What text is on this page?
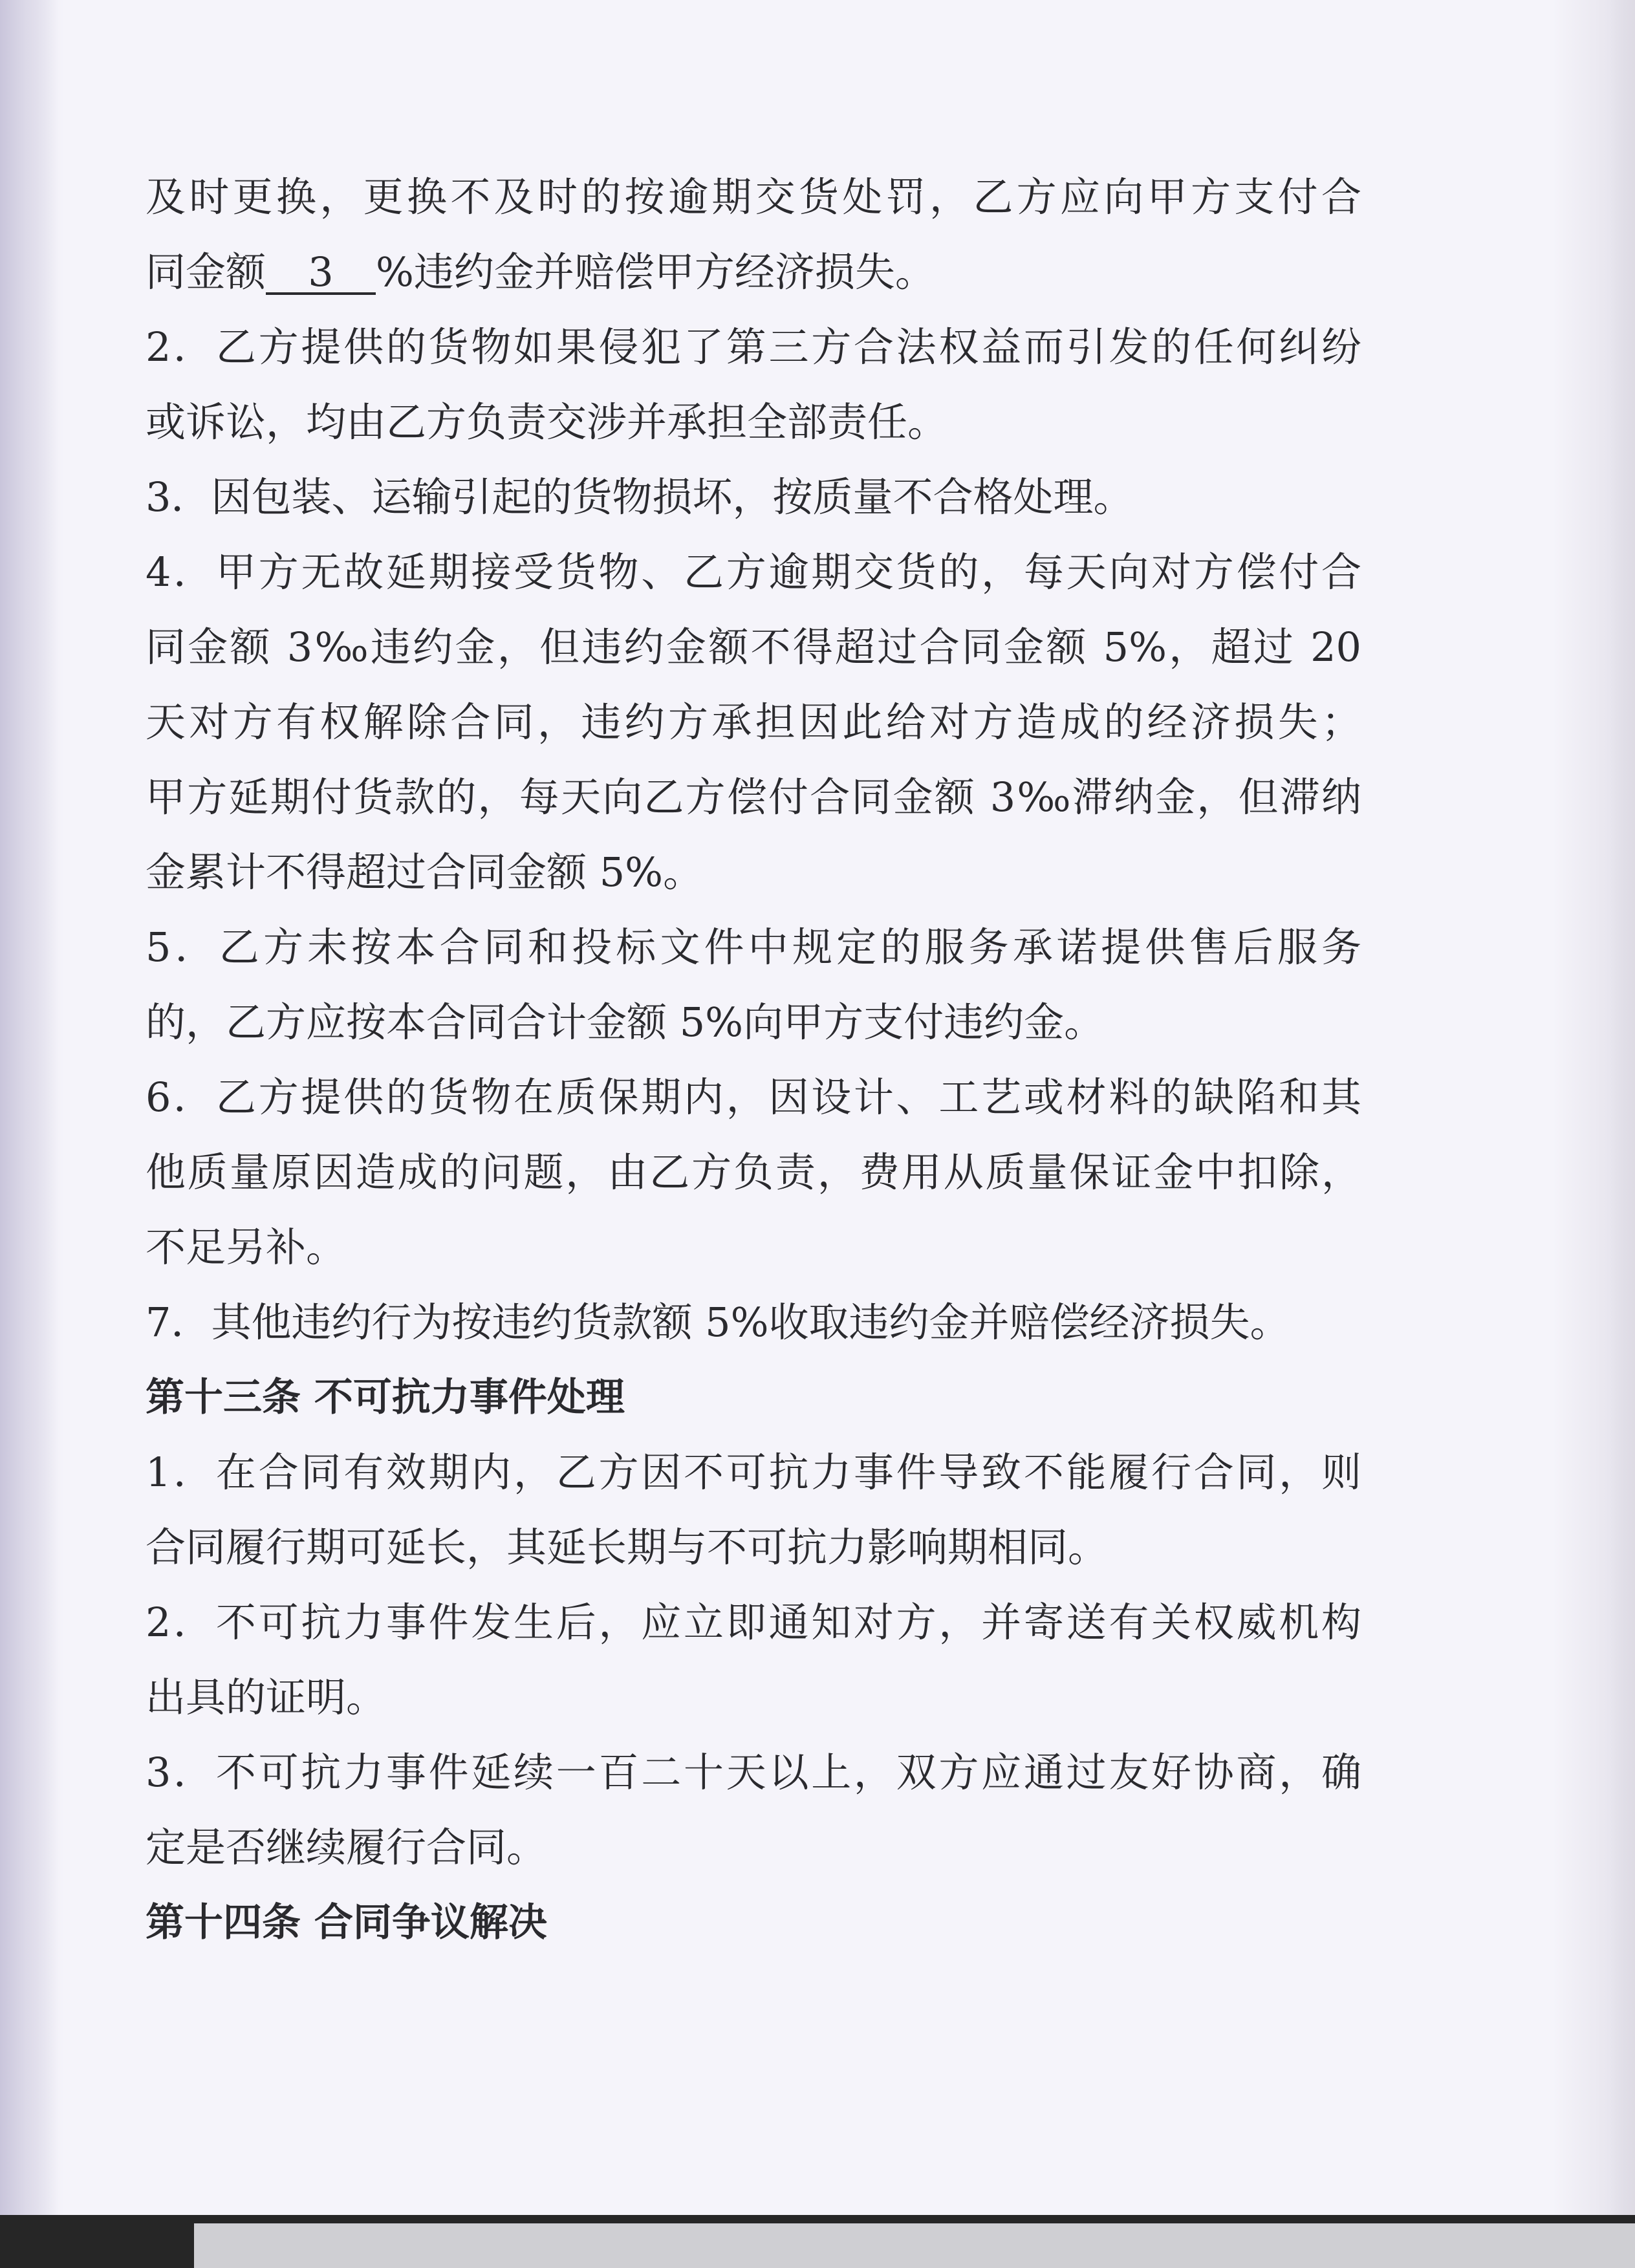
及时更换，更换不及时的按逾期交货处罚，乙方应向甲方支付合
同金额 3 %违约金并赔偿甲方经济损失。
2．乙方提供的货物如果侵犯了第三方合法权益而引发的任何纠纷
或诉讼，均由乙方负责交涉并承担全部责任。
3．因包装、运输引起的货物损坏，按质量不合格处理。
4．甲方无故延期接受货物、乙方逾期交货的，每天向对方偿付合
同金额 3‰违约金，但违约金额不得超过合同金额 5%，超过 20
天对方有权解除合同，违约方承担因此给对方造成的经济损失；
甲方延期付货款的，每天向乙方偿付合同金额 3‰滞纳金，但滞纳
金累计不得超过合同金额 5%。
5．乙方未按本合同和投标文件中规定的服务承诺提供售后服务
的，乙方应按本合同合计金额 5%向甲方支付违约金。
6．乙方提供的货物在质保期内，因设计、工艺或材料的缺陷和其
他质量原因造成的问题，由乙方负责，费用从质量保证金中扣除，
不足另补。
7．其他违约行为按违约货款额 5%收取违约金并赔偿经济损失。
第十三条 不可抗力事件处理
1．在合同有效期内，乙方因不可抗力事件导致不能履行合同，则
合同履行期可延长，其延长期与不可抗力影响期相同。
2．不可抗力事件发生后，应立即通知对方，并寄送有关权威机构
出具的证明。
3．不可抗力事件延续一百二十天以上，双方应通过友好协商，确
定是否继续履行合同。
第十四条 合同争议解决
